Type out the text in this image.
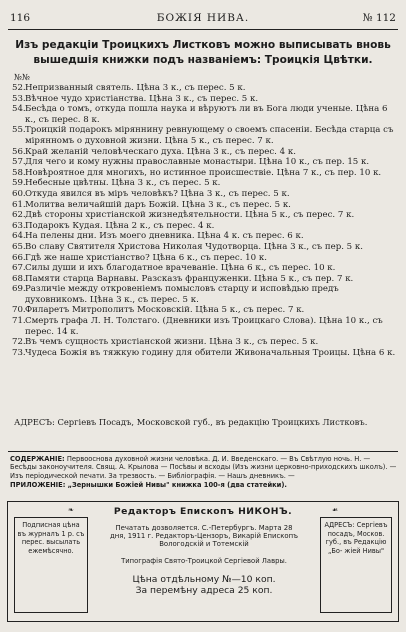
116	БОЖІЯ НИВА.	№ 112
Изъ редакціи Троицкихъ Листковъ можно выписывать вновь
вышедшія книжки подъ названіемъ: Троицкія Цвѣтки.
№№
52. Непризванный святель. Цѣна 3 к., съ перес. 5 к.
53. Вѣчное чудо христіанства. Цѣна 3 к., съ перес. 5 к.
54. Бесѣда о томъ, откуда пошла наука и вѣруютъ ли въ Бога люди ученые. Цѣна 6 к., съ перес. 8 к.
55. Троицкій подарокъ міряннину ревнующему о своемъ спасеніи. Бесѣда старца съ мірянномъ о духовной жизни. Цѣна 5 к., съ перес. 7 к.
56. Край желаній человѣческаго духа. Цѣна 3 к., съ перес. 4 к.
57. Для чего и кому нужны православные монастыри. Цѣна 10 к., съ пер. 15 к.
58. Новѣроятное для многихъ, но истинное происшествіе. Цѣна 7 к., съ пер. 10 к.
59. Небесные цвѣтны. Цѣна 3 к., съ перес. 5 к.
60. Откуда явился въ міръ человѣкъ? Цѣна 3 к., съ перес. 5 к.
61. Молитва величайшій даръ Божій. Цѣна 3 к., съ перес. 5 к.
62. Двѣ стороны христіанской жизнедѣятельности. Цѣна 5 к., съ перес. 7 к.
63. Подарокъ Кудая. Цѣна 2 к., съ перес. 4 к.
64. На пелены дни. Изъ моего дневника. Цѣна 4 к. съ перес. 6 к.
65. Во славу Святителя Христова Николая Чудотворца. Цѣна 3 к., съ пер. 5 к.
66. Гдѣ же наше христіанство? Цѣна 6 к., съ перес. 10 к.
67. Силы души и ихъ благодатное врачеваніе. Цѣна 6 к., съ перес. 10 к.
68. Памяти старца Варнавы. Разсказъ француженки. Цѣна 5 к., съ пер. 7 к.
69. Различіе между откровеніемъ помысловъ старцу и исповѣдью предъ духовникомъ. Цѣна 3 к., съ перес. 5 к.
70. Филаретъ Митрополитъ Московскій. Цѣна 5 к., съ перес. 7 к.
71. Смерть графа Л. Н. Толстаго. (Дневники изъ Троицкаго Слова). Цѣна 10 к., съ перес. 14 к.
72. Въ чемъ сущность христіанской жизни. Цѣна 3 к., съ перес. 5 к.
73. Чудеса Божія въ тяжкую годину для обители Живоначальныя Троицы. Цѣна 6 к.
АДРЕСЪ: Сергіевъ Посадъ, Московской губ., въ редакцію Троицкихъ Листковъ.
СОДЕРЖАНІЕ: Первооснова духовной жизни человѣка. Д. И. Введенскаго. — Въ Свѣтлую ночь. Н. — Бесѣды законоучителя. Свящ. А. Крылова — Посѣвы и всходы (Изъ жизни церковно-приходскихъ школъ). — Изъ періодической печати. За трезвость. — Библіографія. — Нашъ дневникъ. —
ПРИЛОЖЕНІЕ: „Зернышки Божіей Нивы" книжка 100-я (два статейки).
Редакторъ Епископъ НИКОНЪ.
❧	☙
Подписная цѣна въ журналъ 1 р. съ перес. высылать ежемѣсячно.
АДРЕСЪ: Сергіевъ посадъ, Москов. губ., въ Редакцію „Бо- жіей Нивы"
Печатать дозволяется. С.-Петербургъ. Марта 28
дня, 1911 г. Редакторъ-Цензоръ, Викарій Епископъ
Вологодскій и Тотемскій
Типографія Свято-Троицкой Сергіевой Лавры.
Цѣна отдѣльному №—10 коп.
За перемѣну адреса 25 коп.
